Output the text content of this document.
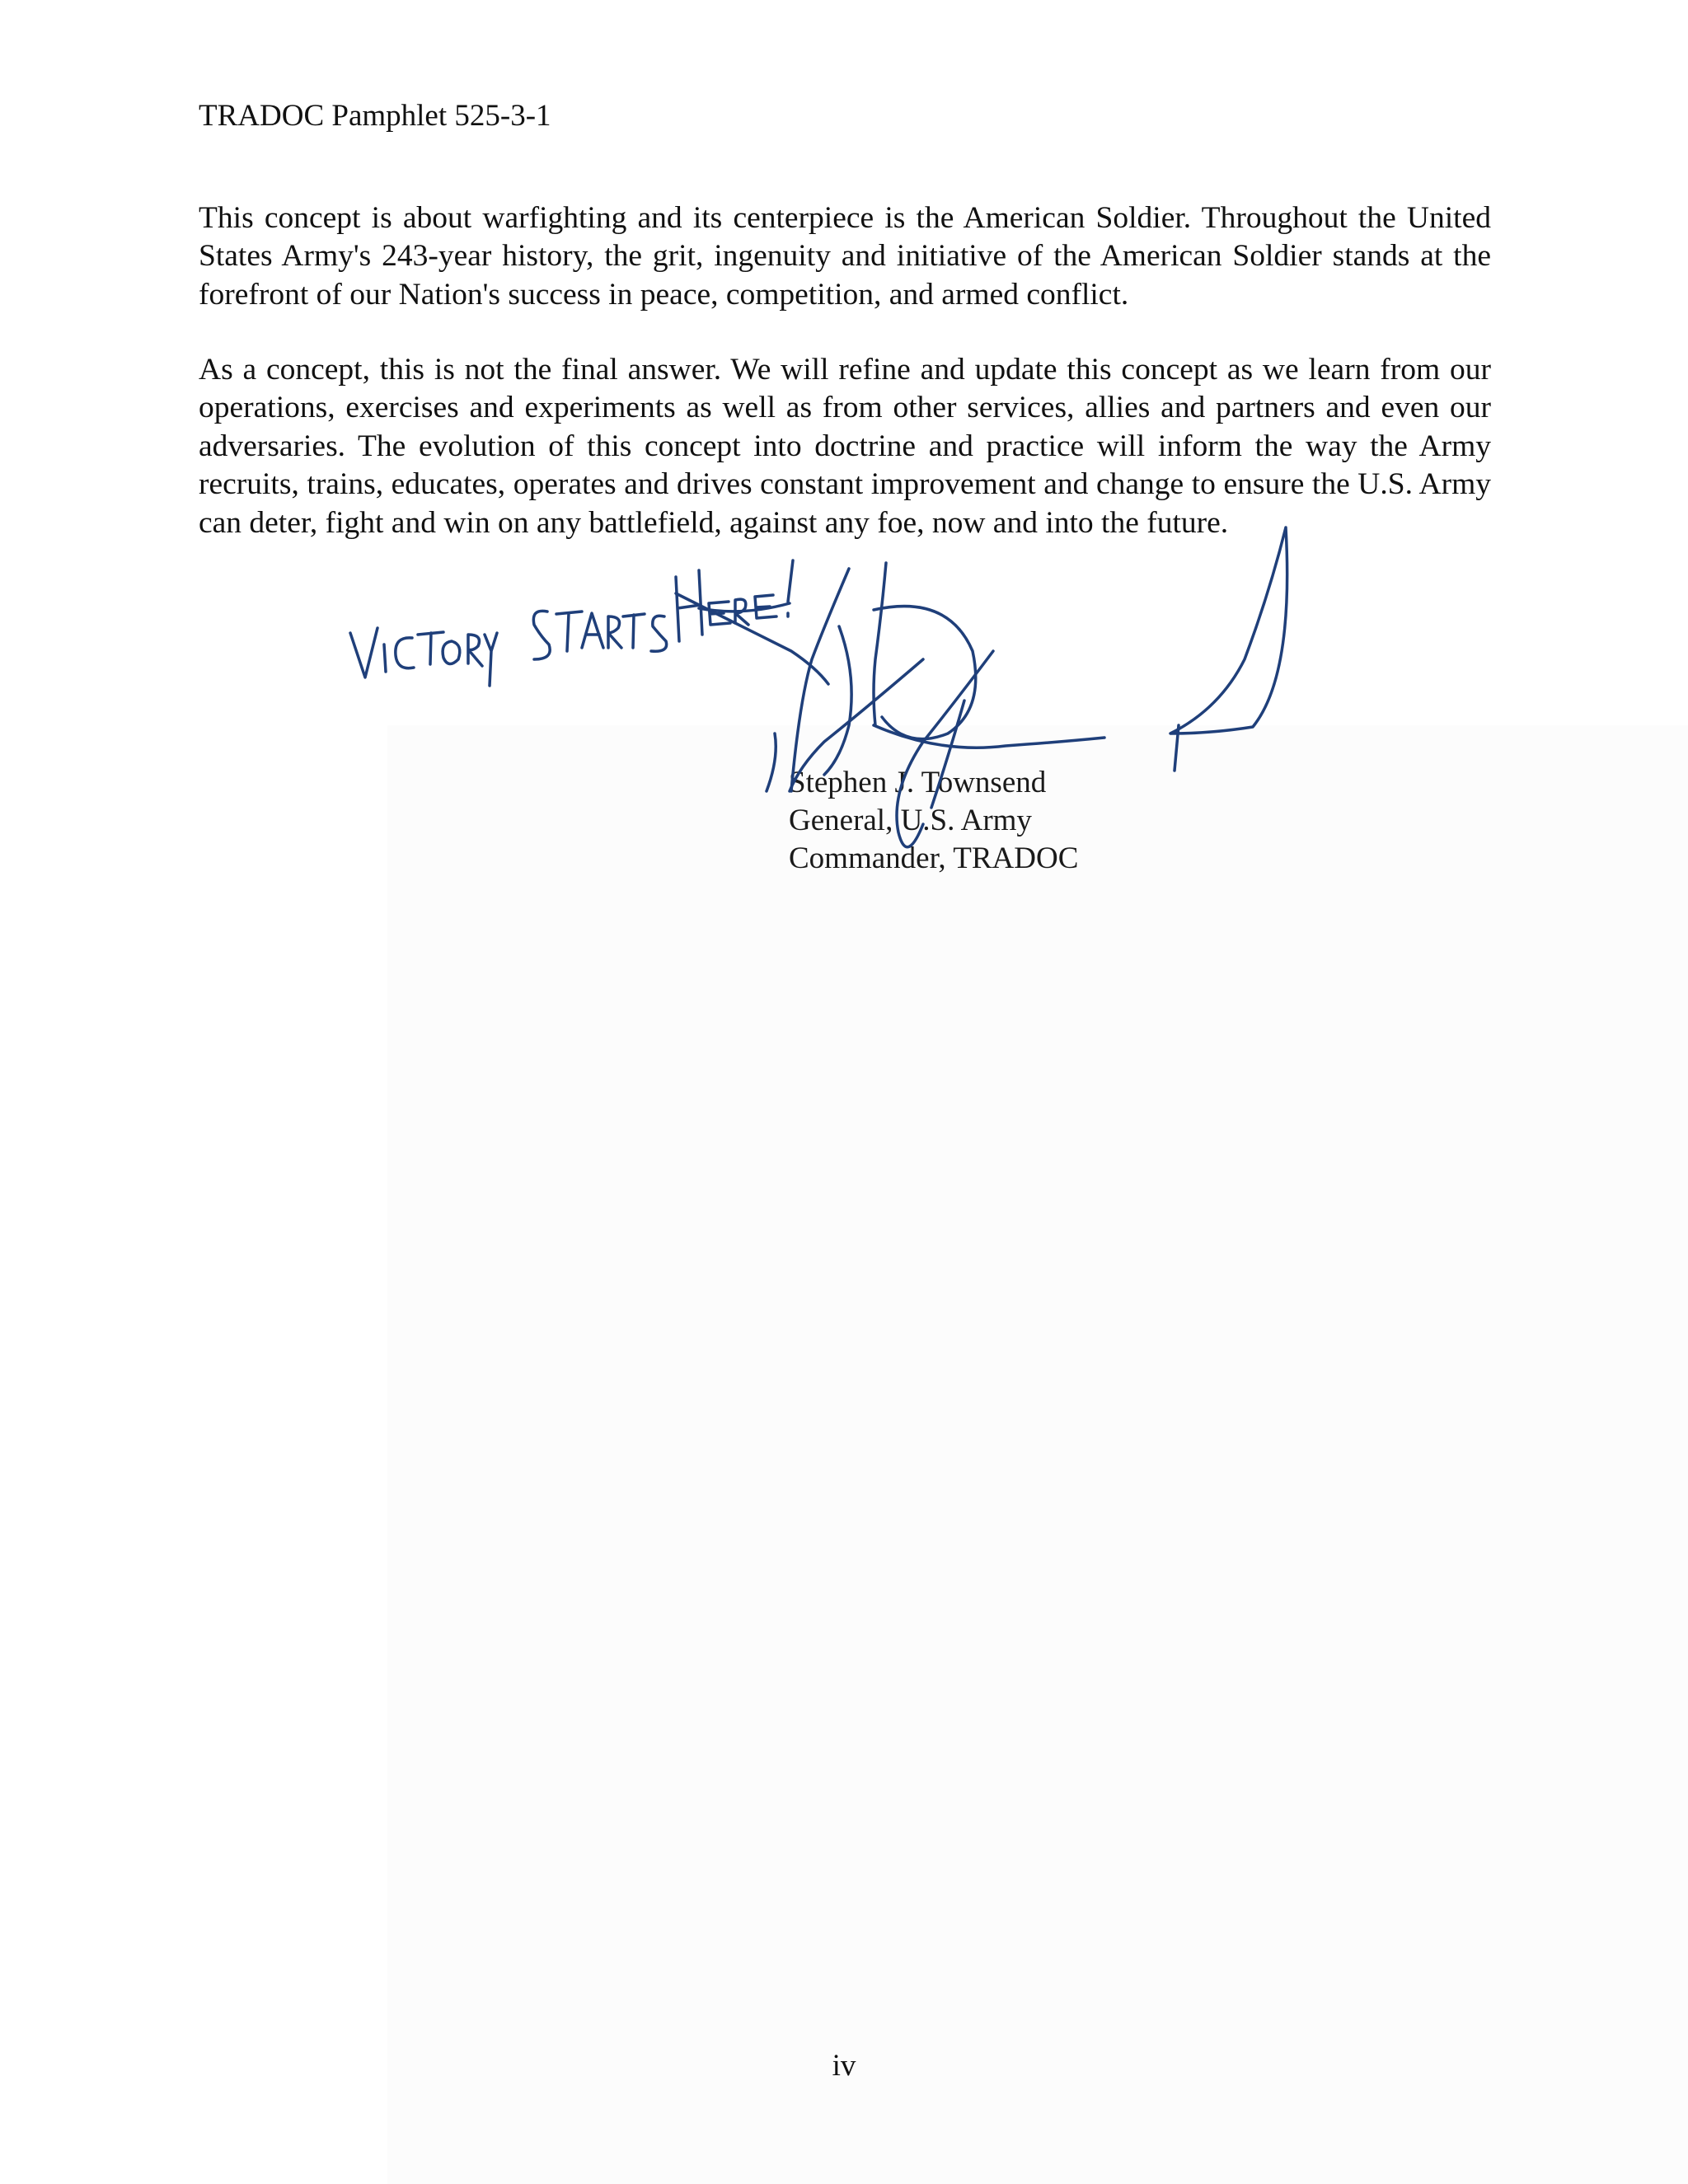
TRADOC Pamphlet 525-3-1

This concept is about warfighting and its centerpiece is the American Soldier. Throughout the United States Army's 243-year history, the grit, ingenuity and initiative of the American Soldier stands at the forefront of our Nation's success in peace, competition, and armed conflict.

As a concept, this is not the final answer. We will refine and update this concept as we learn from our operations, exercises and experiments as well as from other services, allies and partners and even our adversaries. The evolution of this concept into doctrine and practice will inform the way the Army recruits, trains, educates, operates and drives constant improvement and change to ensure the U.S. Army can deter, fight and win on any battlefield, against any foe, now and into the future.

Stephen J. Townsend
General, U.S. Army
Commander, TRADOC
iv
